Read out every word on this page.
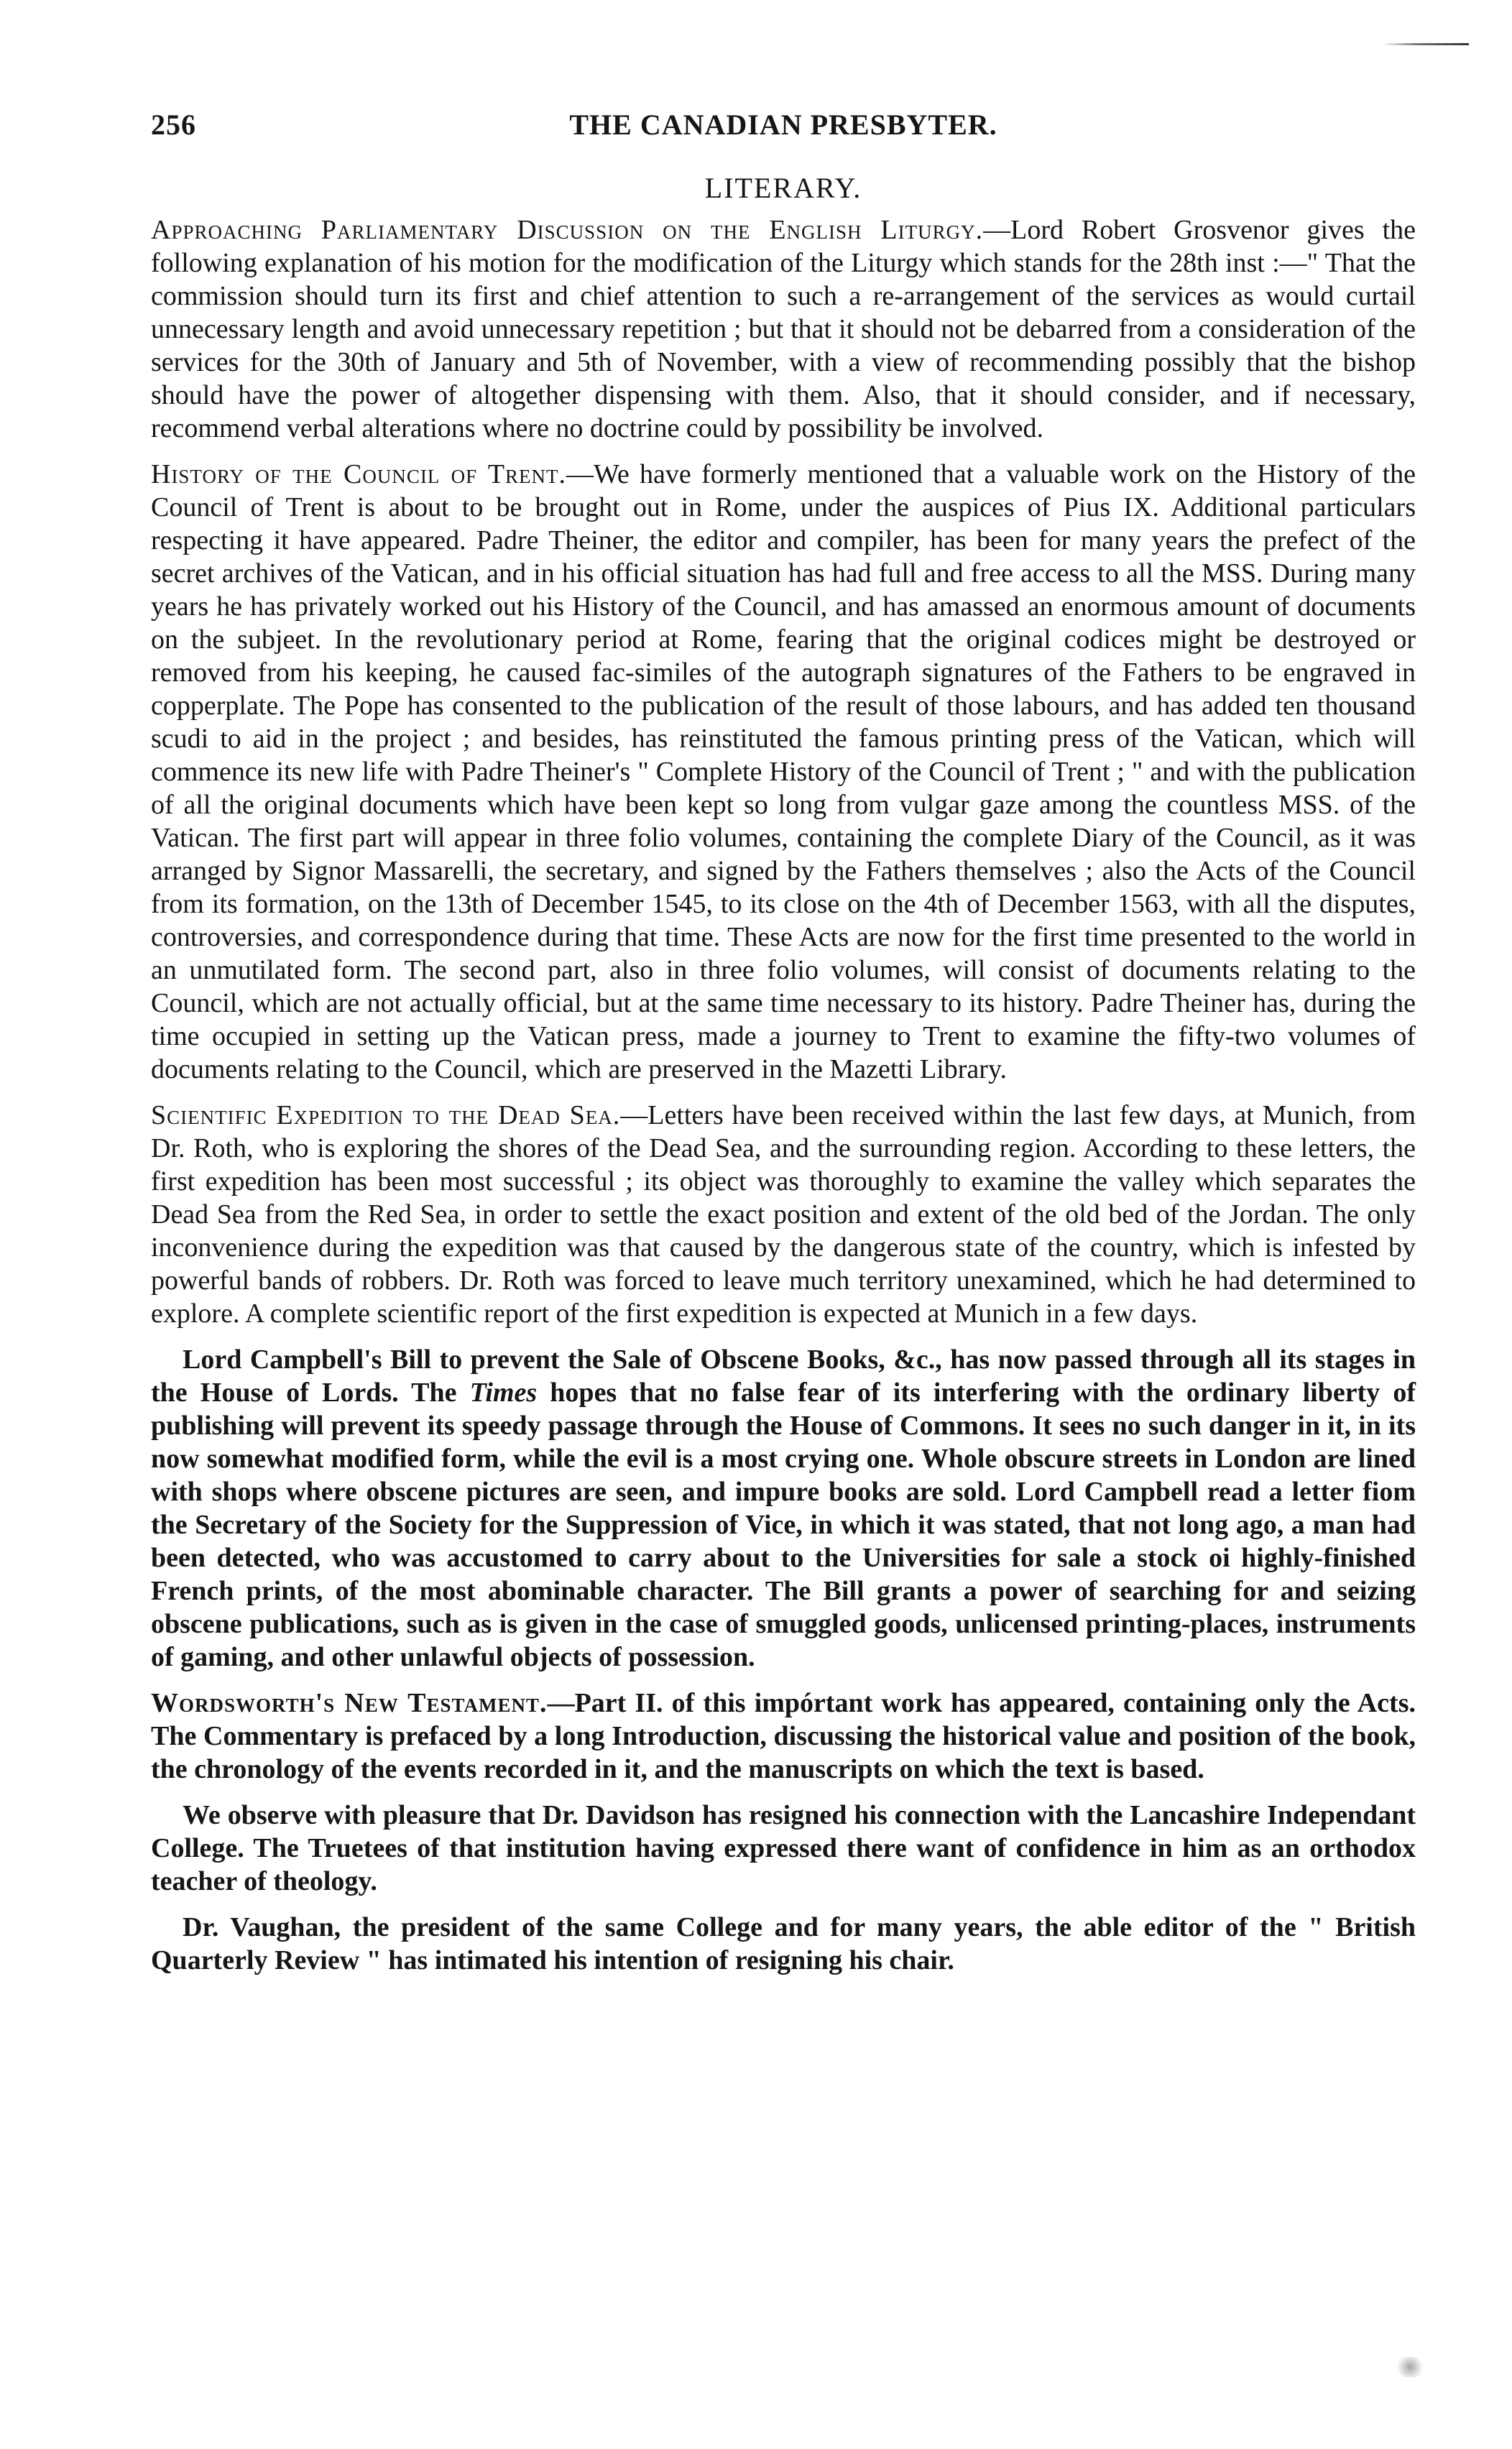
256	THE CANADIAN PRESBYTER.
LITERARY.

Approaching Parliamentary Discussion on the English Liturgy.—Lord Robert Grosvenor gives the following explanation of his motion for the modification of the Liturgy which stands for the 28th inst :—" That the commission should turn its first and chief attention to such a re-arrangement of the services as would curtail unnecessary length and avoid unnecessary repetition ; but that it should not be debarred from a consideration of the services for the 30th of January and 5th of November, with a view of recommending possibly that the bishop should have the power of altogether dispensing with them. Also, that it should consider, and if necessary, recommend verbal alterations where no doctrine could by possibility be involved.

History of the Council of Trent.—We have formerly mentioned that a valuable work on the History of the Council of Trent is about to be brought out in Rome, under the auspices of Pius IX. Additional particulars respecting it have appeared. Padre Theiner, the editor and compiler, has been for many years the prefect of the secret archives of the Vatican, and in his official situation has had full and free access to all the MSS. During many years he has privately worked out his History of the Council, and has amassed an enormous amount of documents on the subjeet. In the revolutionary period at Rome, fearing that the original codices might be destroyed or removed from his keeping, he caused fac-similes of the autograph signatures of the Fathers to be engraved in copperplate. The Pope has consented to the publication of the result of those labours, and has added ten thousand scudi to aid in the project ; and besides, has reinstituted the famous printing press of the Vatican, which will commence its new life with Padre Theiner's " Complete History of the Council of Trent ; " and with the publication of all the original documents which have been kept so long from vulgar gaze among the countless MSS. of the Vatican. The first part will appear in three folio volumes, containing the complete Diary of the Council, as it was arranged by Signor Massarelli, the secretary, and signed by the Fathers themselves ; also the Acts of the Council from its formation, on the 13th of December 1545, to its close on the 4th of December 1563, with all the disputes, controversies, and correspondence during that time. These Acts are now for the first time presented to the world in an unmutilated form. The second part, also in three folio volumes, will consist of documents relating to the Council, which are not actually official, but at the same time necessary to its history. Padre Theiner has, during the time occupied in setting up the Vatican press, made a journey to Trent to examine the fifty-two volumes of documents relating to the Council, which are preserved in the Mazetti Library.

Scientific Expedition to the Dead Sea.—Letters have been received within the last few days, at Munich, from Dr. Roth, who is exploring the shores of the Dead Sea, and the surrounding region. According to these letters, the first expedition has been most successful ; its object was thoroughly to examine the valley which separates the Dead Sea from the Red Sea, in order to settle the exact position and extent of the old bed of the Jordan. The only inconvenience during the expedition was that caused by the dangerous state of the country, which is infested by powerful bands of robbers. Dr. Roth was forced to leave much territory unexamined, which he had determined to explore. A complete scientific report of the first expedition is expected at Munich in a few days.

Lord Campbell's Bill to prevent the Sale of Obscene Books, &c., has now passed through all its stages in the House of Lords. The Times hopes that no false fear of its interfering with the ordinary liberty of publishing will prevent its speedy passage through the House of Commons. It sees no such danger in it, in its now somewhat modified form, while the evil is a most crying one. Whole obscure streets in London are lined with shops where obscene pictures are seen, and impure books are sold. Lord Campbell read a letter fiom the Secretary of the Society for the Suppression of Vice, in which it was stated, that not long ago, a man had been detected, who was accustomed to carry about to the Universities for sale a stock oi highly-finished French prints, of the most abominable character. The Bill grants a power of searching for and seizing obscene publications, such as is given in the case of smuggled goods, unlicensed printing-places, instruments of gaming, and other unlawful objects of possession.

Wordsworth's New Testament.—Part II. of this impórtant work has appeared, containing only the Acts. The Commentary is prefaced by a long Introduction, discussing the historical value and position of the book, the chronology of the events recorded in it, and the manuscripts on which the text is based.

We observe with pleasure that Dr. Davidson has resigned his connection with the Lancashire Independant College. The Truetees of that institution having expressed there want of confidence in him as an orthodox teacher of theology.

Dr. Vaughan, the president of the same College and for many years, the able editor of the " British Quarterly Review " has intimated his intention of resigning his chair.
